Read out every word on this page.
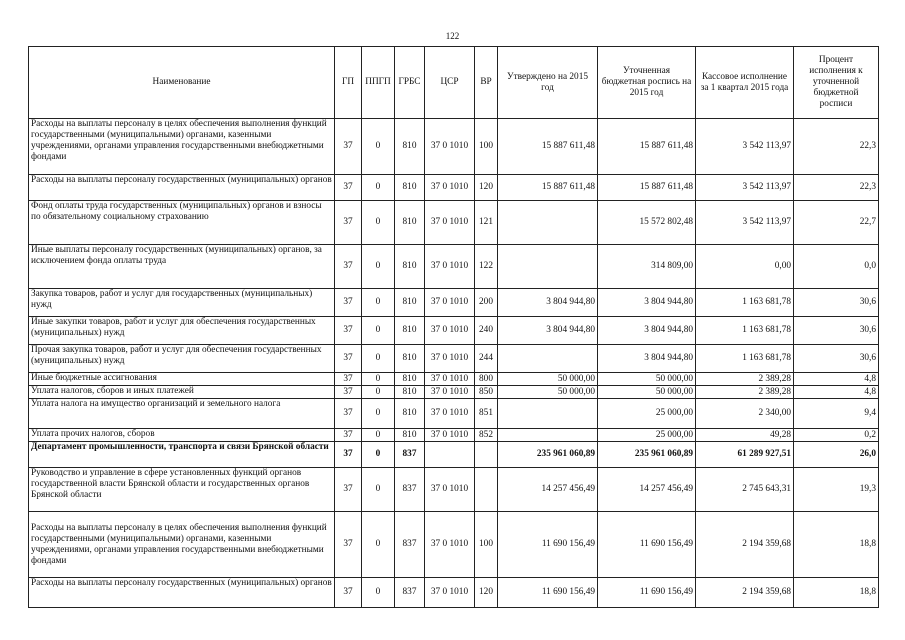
122
Наименование	ГП	ППГП	ГРБС	ЦСР	ВР	Утверждено на 2015 год	Уточненная бюджетная роспись на 2015 год	Кассовое исполнение за 1 квартал 2015 года	Процент исполнения к уточненной бюджетной росписи
Расходы на выплаты персоналу в целях обеспечения выполнения функций государственными (муниципальными) органами, казенными учреждениями, органами управления государственными внебюджетными фондами	37	0	810	37 0 1010	100	15 887 611,48	15 887 611,48	3 542 113,97	22,3
Расходы на выплаты персоналу государственных (муниципальных) органов	37	0	810	37 0 1010	120	15 887 611,48	15 887 611,48	3 542 113,97	22,3
Фонд оплаты труда государственных (муниципальных) органов и взносы по обязательному социальному страхованию	37	0	810	37 0 1010	121		15 572 802,48	3 542 113,97	22,7
Иные выплаты персоналу государственных (муниципальных) органов, за исключением фонда оплаты труда	37	0	810	37 0 1010	122		314 809,00	0,00	0,0
Закупка товаров, работ и услуг для государственных (муниципальных) нужд	37	0	810	37 0 1010	200	3 804 944,80	3 804 944,80	1 163 681,78	30,6
Иные закупки товаров, работ и услуг для обеспечения государственных (муниципальных) нужд	37	0	810	37 0 1010	240	3 804 944,80	3 804 944,80	1 163 681,78	30,6
Прочая закупка товаров, работ и услуг для обеспечения государственных (муниципальных) нужд	37	0	810	37 0 1010	244		3 804 944,80	1 163 681,78	30,6
Иные бюджетные ассигнования	37	0	810	37 0 1010	800	50 000,00	50 000,00	2 389,28	4,8
Уплата налогов, сборов и иных платежей	37	0	810	37 0 1010	850	50 000,00	50 000,00	2 389,28	4,8
Уплата налога на имущество организаций и земельного налога	37	0	810	37 0 1010	851		25 000,00	2 340,00	9,4
Уплата прочих налогов, сборов	37	0	810	37 0 1010	852		25 000,00	49,28	0,2
Департамент промышленности, транспорта и связи Брянской области	37	0	837			235 961 060,89	235 961 060,89	61 289 927,51	26,0
Руководство и управление в сфере установленных функций органов государственной власти Брянской области и государственных органов Брянской области	37	0	837	37 0 1010		14 257 456,49	14 257 456,49	2 745 643,31	19,3
Расходы на выплаты персоналу в целях обеспечения выполнения функций государственными (муниципальными) органами, казенными учреждениями, органами управления государственными внебюджетными фондами	37	0	837	37 0 1010	100	11 690 156,49	11 690 156,49	2 194 359,68	18,8
Расходы на выплаты персоналу государственных (муниципальных) органов	37	0	837	37 0 1010	120	11 690 156,49	11 690 156,49	2 194 359,68	18,8
